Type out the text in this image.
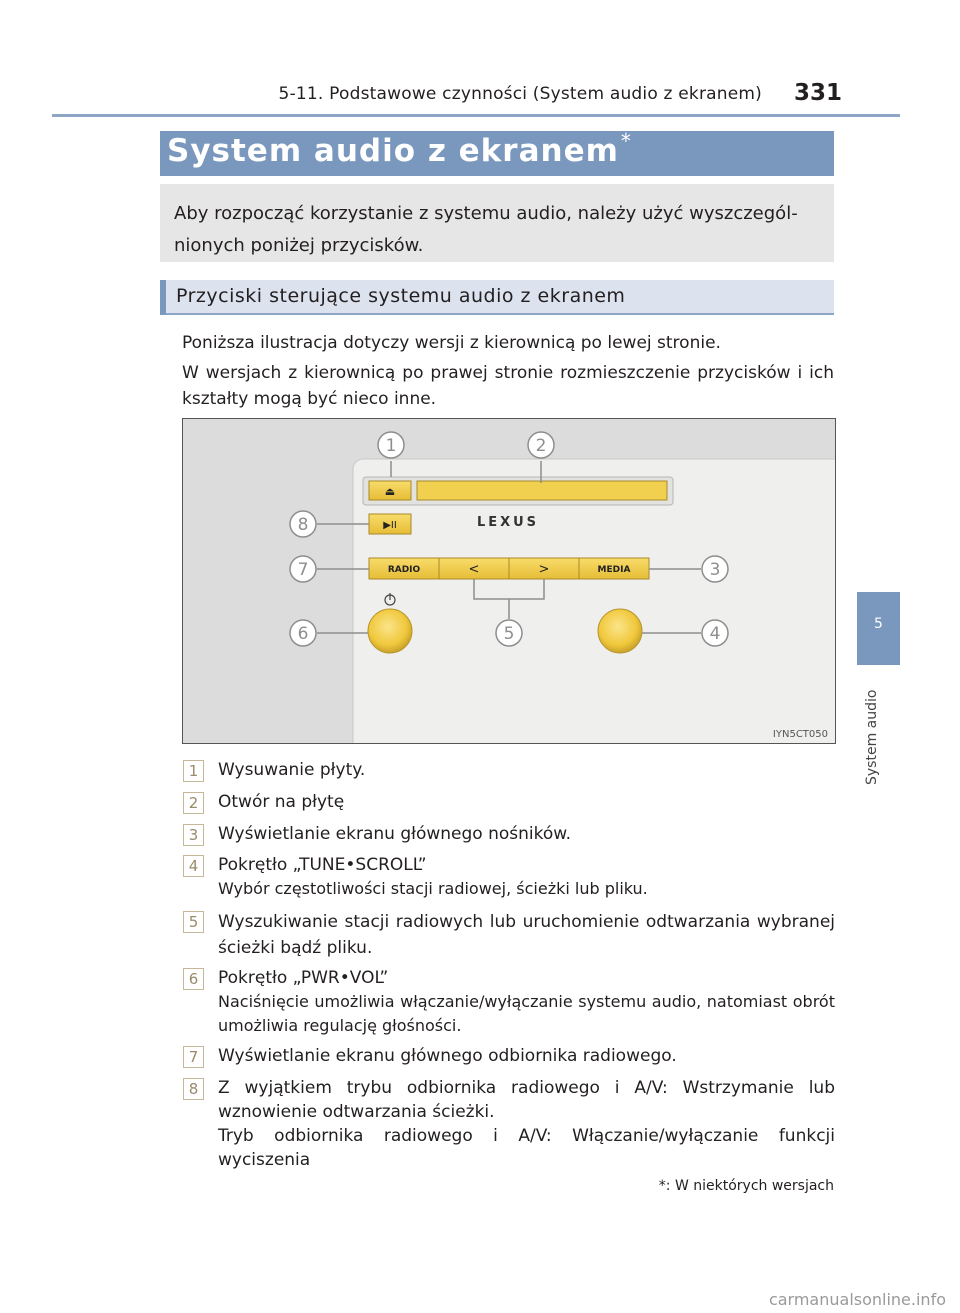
5-11. Podstawowe czynności (System audio z ekranem) 331
System audio z ekranem *
Aby rozpocząć korzystanie z systemu audio, należy użyć wyszczegól-nionych poniżej przycisków.
Przyciski sterujące systemu audio z ekranem
Poniższa ilustracja dotyczy wersji z kierownicą po lewej stronie.
W wersjach z kierownicą po prawej stronie rozmieszczenie przycisków i ich kształty mogą być nieco inne.
⏏
▶II	LEXUS
RADIO	<	>	MEDIA
1	2
3
4
5
6
7
8
IYN5CT050
1	Wysuwanie płyty.
2	Otwór na płytę
3	Wyświetlanie ekranu głównego nośników.
4	Pokrętło „TUNE•SCROLL”
Wybór częstotliwości stacji radiowej, ścieżki lub pliku.
5	Wyszukiwanie stacji radiowych lub uruchomienie odtwarzania wybranej ścieżki bądź pliku.
6	Pokrętło „PWR•VOL”
Naciśnięcie umożliwia włączanie/wyłączanie systemu audio, natomiast obrót umożliwia regulację głośności.
7	Wyświetlanie ekranu głównego odbiornika radiowego.
8	Z wyjątkiem trybu odbiornika radiowego i A/V: Wstrzymanie lub wznowienie odtwarzania ścieżki.
Tryb odbiornika radiowego i A/V: Włączanie/wyłączanie funkcji wyciszenia
*: W niektórych wersjach
5
System audio
carmanualsonline.info
